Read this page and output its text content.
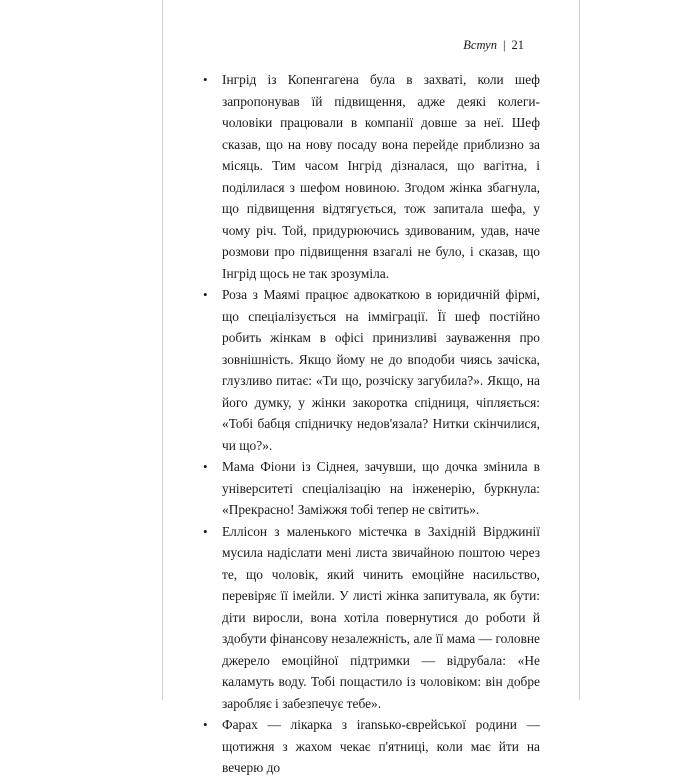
Вступ | 21
• Інгрід із Копенгагена була в захваті, коли шеф запропонував їй підвищення, адже деякі колеги-чоловіки працювали в компанії довше за неї. Шеф сказав, що на нову посаду вона перейде приблизно за місяць. Тим часом Інгрід дізналася, що вагітна, і поділилася з шефом новиною. Згодом жінка збагнула, що підвищення відтягується, тож запитала шефа, у чому річ. Той, придурюючись здивованим, удав, наче розмови про підвищення взагалі не було, і сказав, що Інгрід щось не так зрозуміла.
• Роза з Маямі працює адвокаткою в юридичній фірмі, що спеціалізується на імміграції. Її шеф постійно робить жінкам в офісі принизливі зауваження про зовнішність. Якщо йому не до вподоби чиясь зачіска, глузливо питає: «Ти що, розчіску загубила?». Якщо, на його думку, у жінки закоротка спідниця, чіпляється: «Тобі бабця спідничку недов'язала? Нитки скінчилися, чи що?».
• Мама Фіони із Сіднея, зачувши, що дочка змінила в університеті спеціалізацію на інженерію, буркнула: «Прекрасно! Заміжжя тобі тепер не світить».
• Еллісон з маленького містечка в Західній Вірджинії мусила надіслати мені листа звичайною поштою через те, що чоловік, який чинить емоційне насильство, перевіряє її імейли. У листі жінка запитувала, як бути: діти виросли, вона хотіла повернутися до роботи й здобути фінансову незалежність, але її мама — головне джерело емоційної підтримки — відрубала: «Не каламуть воду. Тобі пощастило із чоловіком: він добре заробляє і забезпечує тебе».
• Фарах — лікарка з іransько-єврейської родини — щотижня з жахом чекає п'ятниці, коли має йти на вечерю до
